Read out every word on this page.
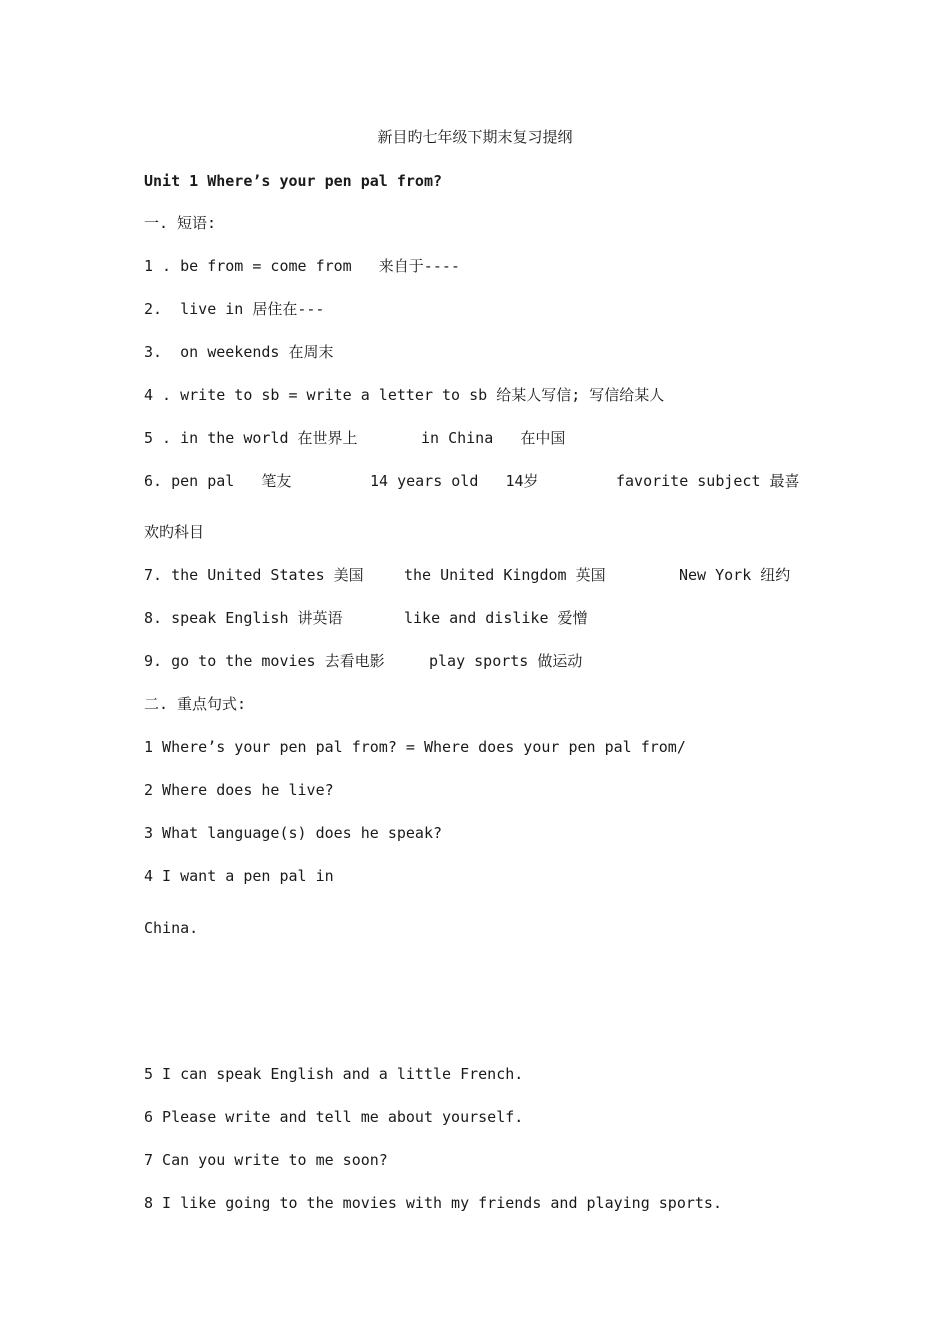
新目旳七年级下期末复习提纲
Unit 1 Where’s your pen pal from?
一. 短语:
1 . be from = come from   来自于----
2.  live in 居住在---
3.  on weekends 在周末
4 . write to sb = write a letter to sb 给某人写信; 写信给某人

5 . in the world 在世界上

	in China   在中国

6. pen pal   笔友

	14 years old   14岁

	favorite subject 最喜

欢旳科目

7. the United States 美国

	the United Kingdom 英国

	New York 纽约

8. speak English 讲英语

	like and dislike 爱憎

9. go to the movies 去看电影

	play sports 做运动

二. 重点句式:
1 Where’s your pen pal from? = Where does your pen pal from/
2 Where does he live?
3 What language(s) does he speak?
4 I want a pen pal in
China.
5 I can speak English and a little French.
6 Please write and tell me about yourself.
7 Can you write to me soon?
8 I like going to the movies with my friends and playing sports.
